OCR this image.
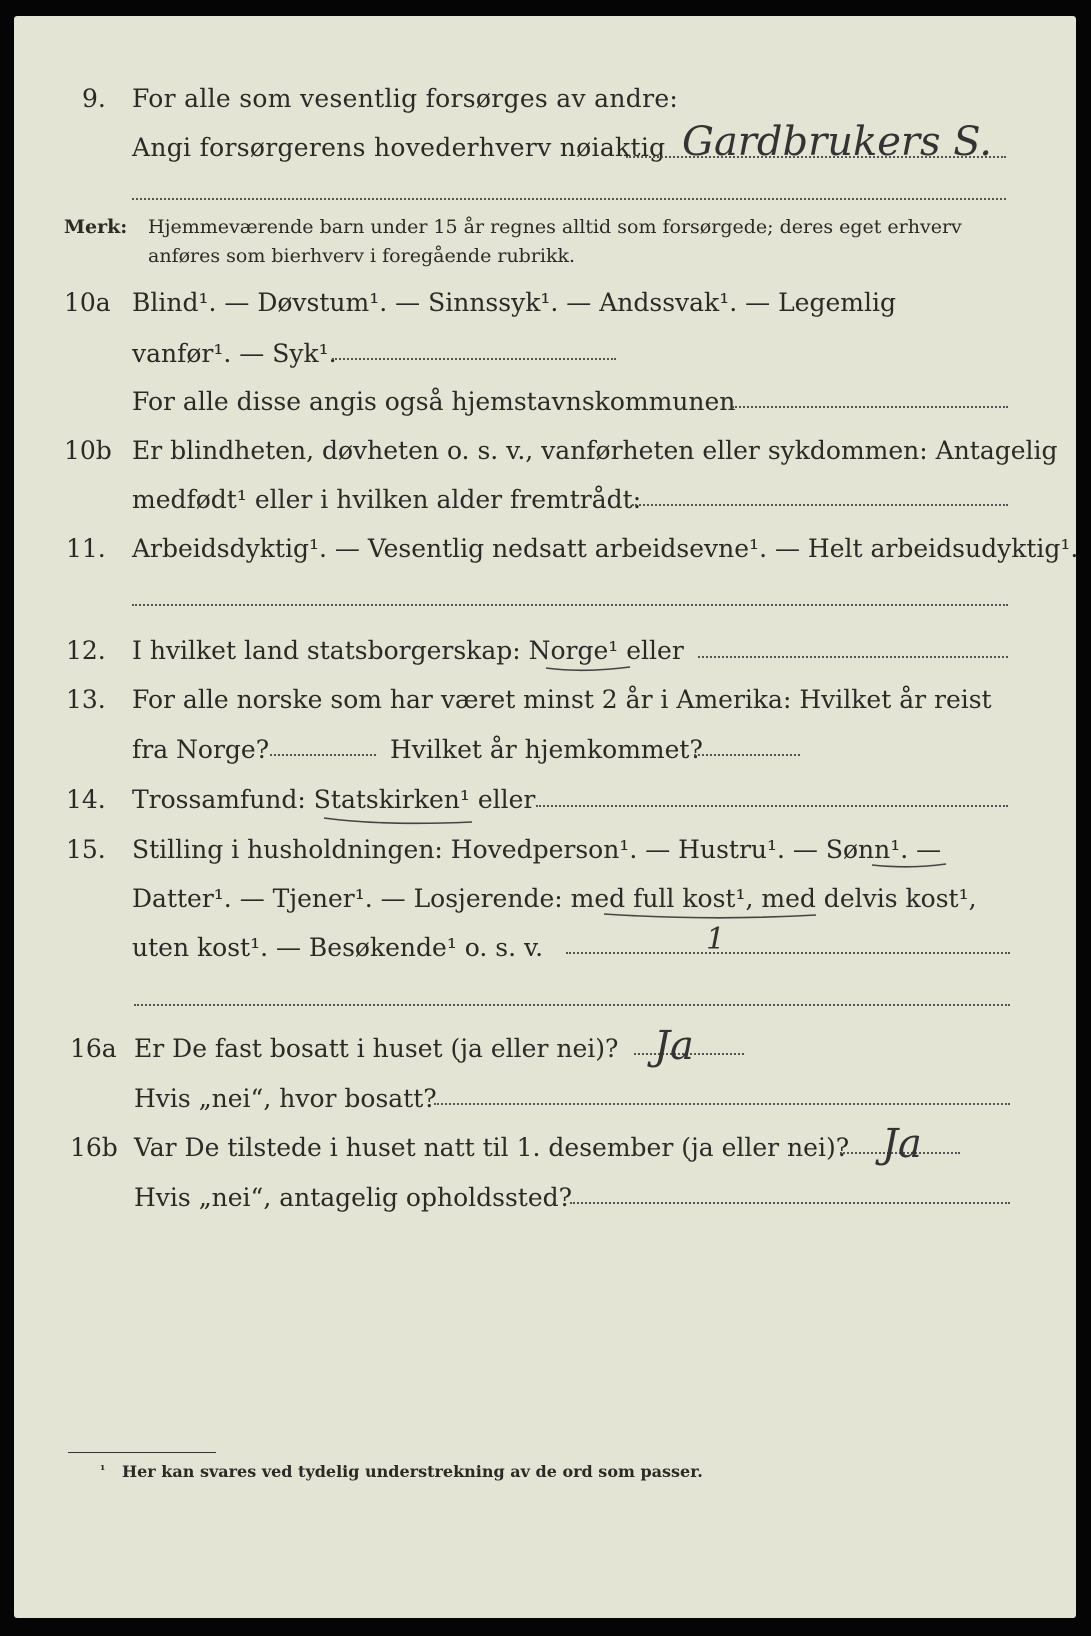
9. For alle som vesentlig forsørges av andre:
Angi forsørgerens hovederhverv nøiaktig Gardbrukers S.
Merk: Hjemmeværende barn under 15 år regnes alltid som forsørgede; deres eget erhverv
anføres som bierhverv i foregående rubrikk.
10a Blind¹. — Døvstum¹. — Sinnssyk¹. — Andssvak¹. — Legemlig
vanfør¹. — Syk¹.
For alle disse angis også hjemstavnskommunen
10b Er blindheten, døvheten o. s. v., vanførheten eller sykdommen: Antagelig
medfødt¹ eller i hvilken alder fremtrådt:
11. Arbeidsdyktig¹. — Vesentlig nedsatt arbeidsevne¹. — Helt arbeidsudyktig¹.
12. I hvilket land statsborgerskap: Norge¹ eller
13. For alle norske som har været minst 2 år i Amerika: Hvilket år reist
fra Norge?	Hvilket år hjemkommet?
14. Trossamfund: Statskirken¹ eller
15. Stilling i husholdningen: Hovedperson¹. — Hustru¹. — Sønn¹. —
Datter¹. — Tjener¹. — Losjerende: med full kost¹, med delvis kost¹,
uten kost¹. — Besøkende¹ o. s. v.	1
16a Er De fast bosatt i huset (ja eller nei)? Ja
Hvis „nei“, hvor bosatt?
16b Var De tilstede i huset natt til 1. desember (ja eller nei)? Ja
Hvis „nei“, antagelig opholdssted?
¹ Her kan svares ved tydelig understrekning av de ord som passer.
